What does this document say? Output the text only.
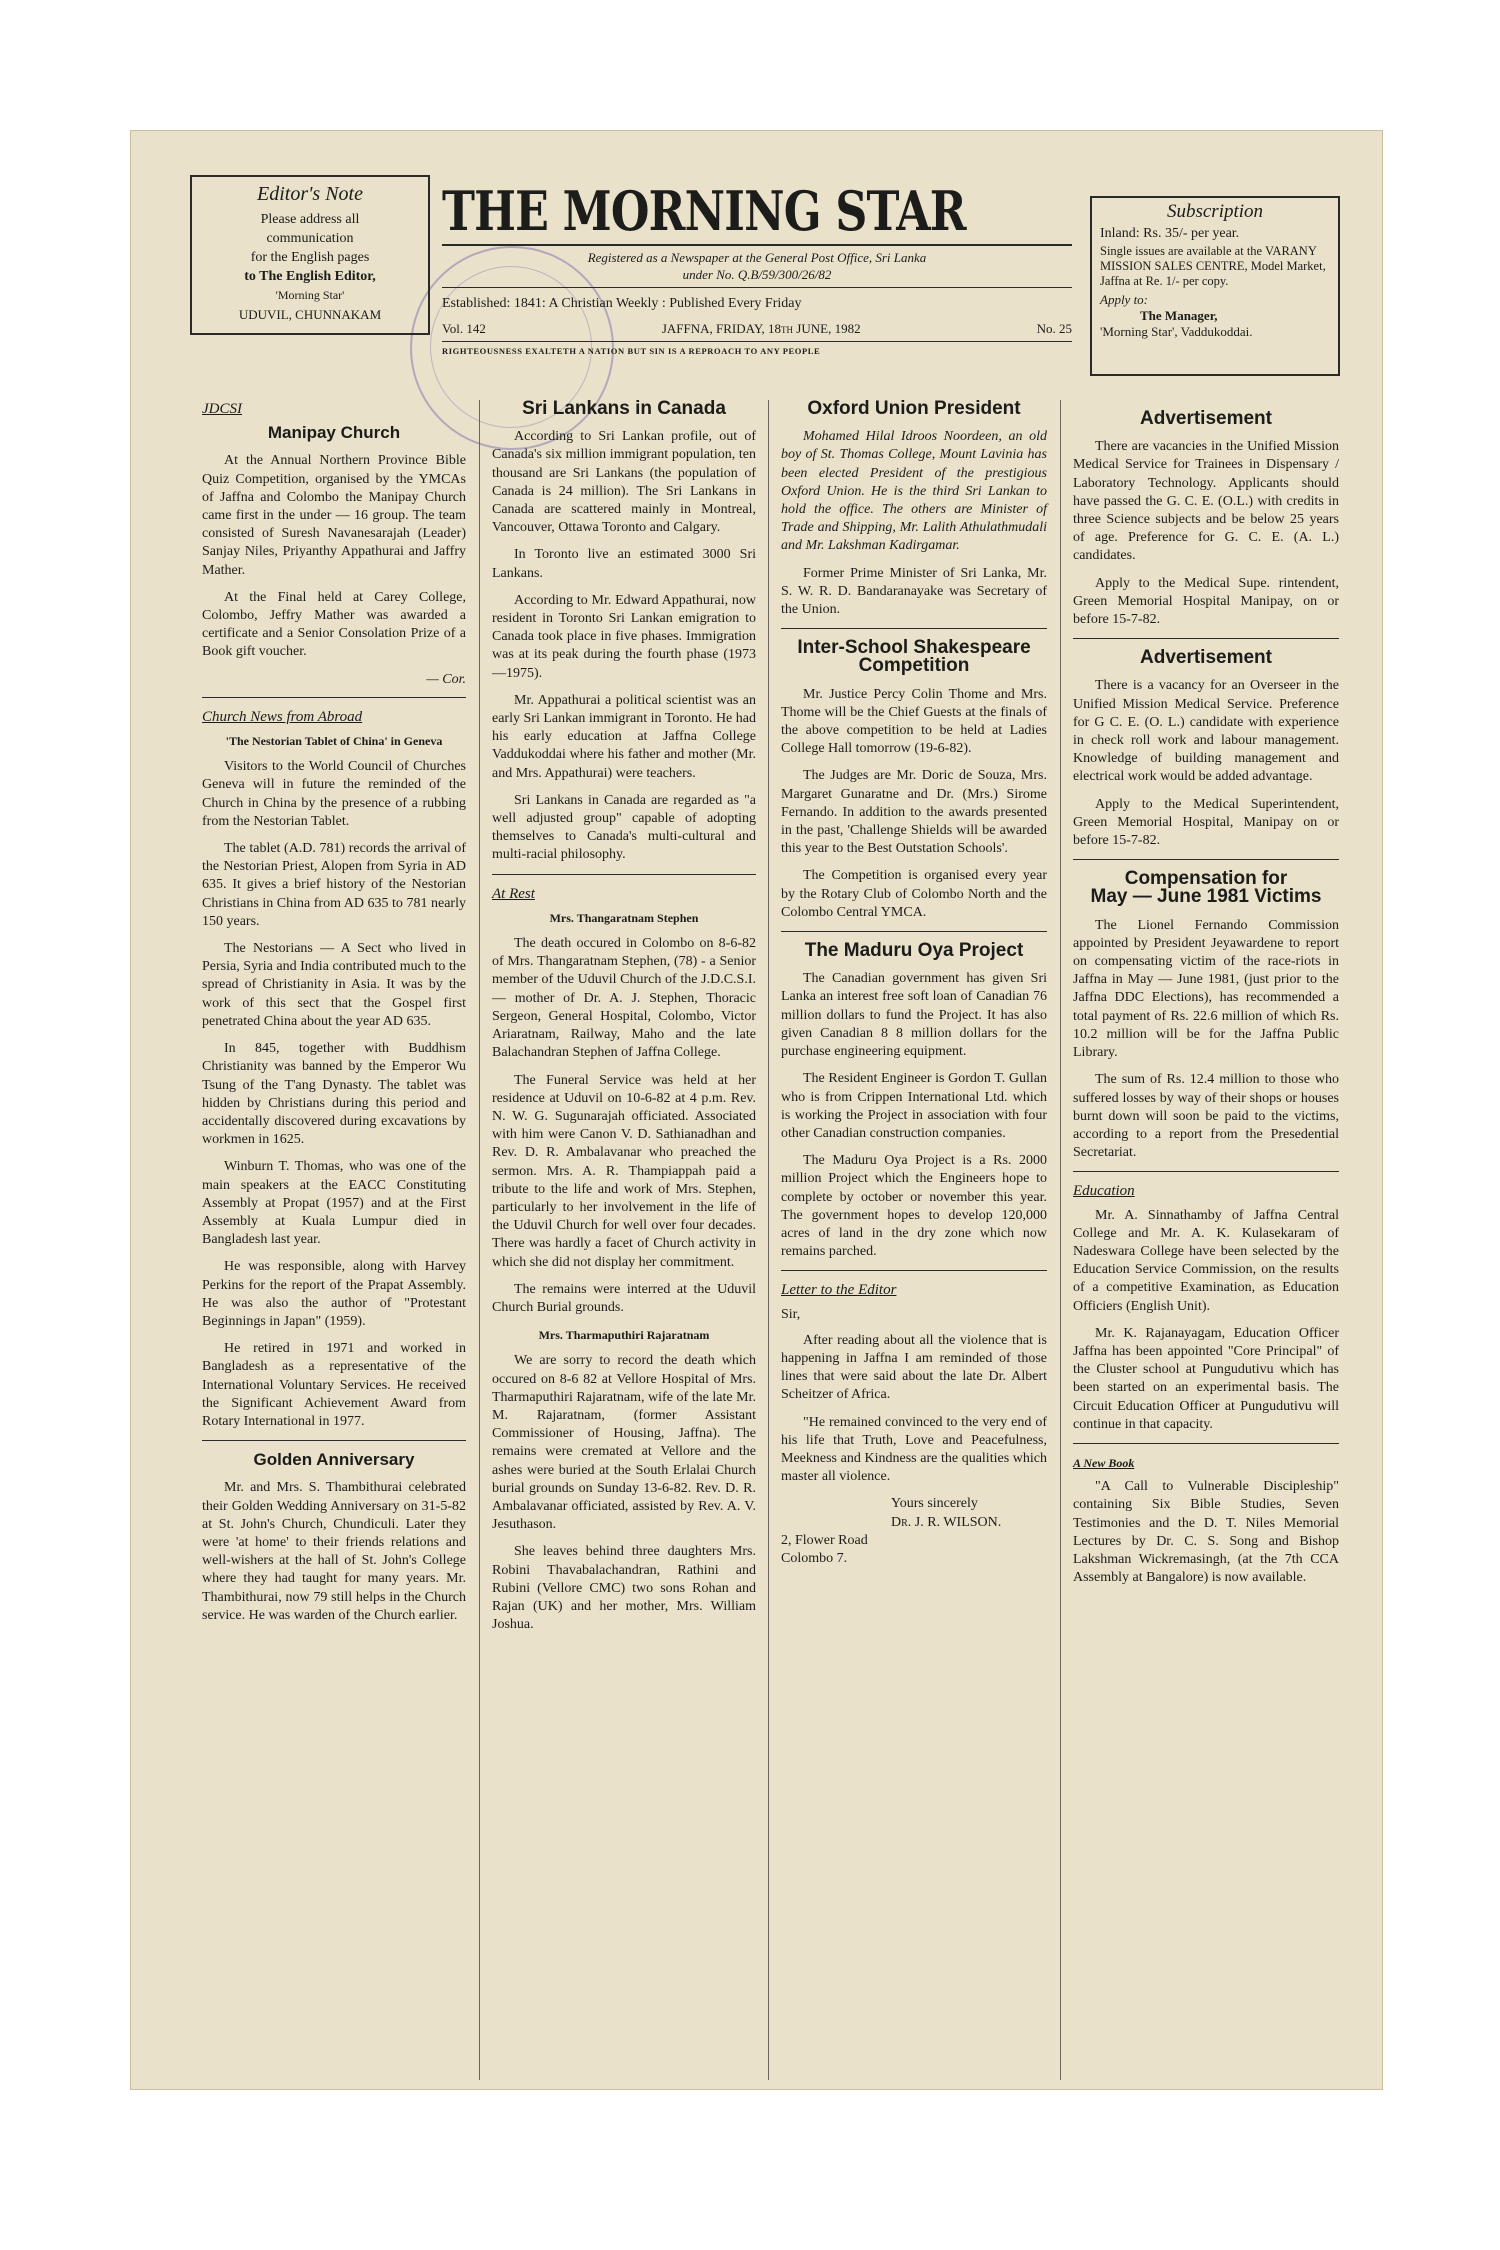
Editor's Note
Please address all
communication
for the English pages
to The English Editor,
'Morning Star'
UDUVIL, CHUNNAKAM
THE MORNING STAR
Registered as a Newspaper at the General Post Office, Sri Lanka
under No. Q.B/59/300/26/82
Established: 1841: A Christian Weekly : Published Every Friday
Vol. 142	JAFFNA, FRIDAY, 18th JUNE, 1982	No. 25
RIGHTEOUSNESS EXALTETH A NATION BUT SIN IS A REPROACH TO ANY PEOPLE
Subscription
Inland: Rs. 35/- per year.
Single issues are available at the VARANY MISSION SALES CENTRE, Model Market, Jaffna at Re. 1/- per copy.
Apply to:
The Manager,
'Morning Star', Vaddukoddai.
JDCSI
Manipay Church

At the Annual Northern Province Bible Quiz Competition, organised by the YMCAs of Jaffna and Colombo the Manipay Church came first in the under — 16 group. The team consisted of Suresh Navanesarajah (Leader) Sanjay Niles, Priyanthy Appathurai and Jaffry Mather.

At the Final held at Carey College, Colombo, Jeffry Mather was awarded a certificate and a Senior Consolation Prize of a Book gift voucher.

— Cor.
Church News from Abroad
'The Nestorian Tablet of China' in Geneva

Visitors to the World Council of Churches Geneva will in future the reminded of the Church in China by the presence of a rubbing from the Nestorian Tablet.

The tablet (A.D. 781) records the arrival of the Nestorian Priest, Alopen from Syria in AD 635. It gives a brief history of the Nestorian Christians in China from AD 635 to 781 nearly 150 years.

The Nestorians — A Sect who lived in Persia, Syria and India contributed much to the spread of Christianity in Asia. It was by the work of this sect that the Gospel first penetrated China about the year AD 635.

In 845, together with Buddhism Christianity was banned by the Emperor Wu Tsung of the T'ang Dynasty. The tablet was hidden by Christians during this period and accidentally discovered during excavations by workmen in 1625.

Winburn T. Thomas, who was one of the main speakers at the EACC Constituting Assembly at Propat (1957) and at the First Assembly at Kuala Lumpur died in Bangladesh last year.

He was responsible, along with Harvey Perkins for the report of the Prapat Assembly. He was also the author of "Protestant Beginnings in Japan" (1959).

He retired in 1971 and worked in Bangladesh as a representative of the International Voluntary Services. He received the Significant Achievement Award from Rotary International in 1977.

Golden Anniversary

Mr. and Mrs. S. Thambithurai celebrated their Golden Wedding Anniversary on 31-5-82 at St. John's Church, Chundiculi. Later they were 'at home' to their friends relations and well-wishers at the hall of St. John's College where they had taught for many years. Mr. Thambithurai, now 79 still helps in the Church service. He was warden of the Church earlier.

Sri Lankans in Canada

According to Sri Lankan profile, out of Canada's six million immigrant population, ten thousand are Sri Lankans (the population of Canada is 24 million). The Sri Lankans in Canada are scattered mainly in Montreal, Vancouver, Ottawa Toronto and Calgary.

In Toronto live an estimated 3000 Sri Lankans.

According to Mr. Edward Appathurai, now resident in Toronto Sri Lankan emigration to Canada took place in five phases. Immigration was at its peak during the fourth phase (1973—1975).

Mr. Appathurai a political scientist was an early Sri Lankan immigrant in Toronto. He had his early education at Jaffna College Vaddukoddai where his father and mother (Mr. and Mrs. Appathurai) were teachers.

Sri Lankans in Canada are regarded as "a well adjusted group" capable of adopting themselves to Canada's multi-cultural and multi-racial philosophy.

At Rest
Mrs. Thangaratnam Stephen

The death occured in Colombo on 8-6-82 of Mrs. Thangaratnam Stephen, (78) - a Senior member of the Uduvil Church of the J.D.C.S.I. — mother of Dr. A. J. Stephen, Thoracic Sergeon, General Hospital, Colombo, Victor Ariaratnam, Railway, Maho and the late Balachandran Stephen of Jaffna College.

The Funeral Service was held at her residence at Uduvil on 10-6-82 at 4 p.m. Rev. N. W. G. Sugunarajah officiated. Associated with him were Canon V. D. Sathianadhan and Rev. D. R. Ambalavanar who preached the sermon. Mrs. A. R. Thampiappah paid a tribute to the life and work of Mrs. Stephen, particularly to her involvement in the life of the Uduvil Church for well over four decades. There was hardly a facet of Church activity in which she did not display her commitment.

The remains were interred at the Uduvil Church Burial grounds.

Mrs. Tharmaputhiri Rajaratnam

We are sorry to record the death which occured on 8-6 82 at Vellore Hospital of Mrs. Tharmaputhiri Rajaratnam, wife of the late Mr. M. Rajaratnam, (former Assistant Commissioner of Housing, Jaffna). The remains were cremated at Vellore and the ashes were buried at the South Erlalai Church burial grounds on Sunday 13-6-82. Rev. D. R. Ambalavanar officiated, assisted by Rev. A. V. Jesuthason.

She leaves behind three daughters Mrs. Robini Thavabalachandran, Rathini and Rubini (Vellore CMC) two sons Rohan and Rajan (UK) and her mother, Mrs. William Joshua.

Oxford Union President

Mohamed Hilal Idroos Noordeen, an old boy of St. Thomas College, Mount Lavinia has been elected President of the prestigious Oxford Union. He is the third Sri Lankan to hold the office. The others are Minister of Trade and Shipping, Mr. Lalith Athulathmudali and Mr. Lakshman Kadirgamar.

Former Prime Minister of Sri Lanka, Mr. S. W. R. D. Bandaranayake was Secretary of the Union.

Inter-School Shakespeare
Competition

Mr. Justice Percy Colin Thome and Mrs. Thome will be the Chief Guests at the finals of the above competition to be held at Ladies College Hall tomorrow (19-6-82).

The Judges are Mr. Doric de Souza, Mrs. Margaret Gunaratne and Dr. (Mrs.) Sirome Fernando. In addition to the awards presented in the past, 'Challenge Shields will be awarded this year to the Best Outstation Schools'.

The Competition is organised every year by the Rotary Club of Colombo North and the Colombo Central YMCA.

The Maduru Oya Project

The Canadian government has given Sri Lanka an interest free soft loan of Canadian 76 million dollars to fund the Project. It has also given Canadian 8 8 million dollars for the purchase engineering equipment.

The Resident Engineer is Gordon T. Gullan who is from Crippen International Ltd. which is working the Project in association with four other Canadian construction companies.

The Maduru Oya Project is a Rs. 2000 million Project which the Engineers hope to complete by october or november this year. The government hopes to develop 120,000 acres of land in the dry zone which now remains parched.

Letter to the Editor
Sir,

After reading about all the violence that is happening in Jaffna I am reminded of those lines that were said about the late Dr. Albert Scheitzer of Africa.

"He remained convinced to the very end of his life that Truth, Love and Peacefulness, Meekness and Kindness are the qualities which master all violence.

Yours sincerely
Dr. J. R. WILSON.
2, Flower Road
Colombo 7.
Advertisement

There are vacancies in the Unified Mission Medical Service for Trainees in Dispensary / Laboratory Technology. Applicants should have passed the G. C. E. (O.L.) with credits in three Science subjects and be below 25 years of age. Preference for G. C. E. (A. L.) candidates.

Apply to the Medical Supe. rintendent, Green Memorial Hospital Manipay, on or before 15-7-82.

Advertisement

There is a vacancy for an Overseer in the Unified Mission Medical Service. Preference for G C. E. (O. L.) candidate with experience in check roll work and labour management. Knowledge of building management and electrical work would be added advantage.

Apply to the Medical Superintendent, Green Memorial Hospital, Manipay on or before 15-7-82.

Compensation for
May — June 1981 Victims

The Lionel Fernando Commission appointed by President Jeyawardene to report on compensating victim of the race-riots in Jaffna in May — June 1981, (just prior to the Jaffna DDC Elections), has recommended a total payment of Rs. 22.6 million of which Rs. 10.2 million will be for the Jaffna Public Library.

The sum of Rs. 12.4 million to those who suffered losses by way of their shops or houses burnt down will soon be paid to the victims, according to a report from the Presedential Secretariat.

Education

Mr. A. Sinnathamby of Jaffna Central College and Mr. A. K. Kulasekaram of Nadeswara College have been selected by the Education Service Commission, on the results of a competitive Examination, as Education Officiers (English Unit).

Mr. K. Rajanayagam, Education Officer Jaffna has been appointed "Core Principal" of the Cluster school at Pungudutivu which has been started on an experimental basis. The Circuit Education Officer at Pungudutivu will continue in that capacity.

A New Book

"A Call to Vulnerable Discipleship" containing Six Bible Studies, Seven Testimonies and the D. T. Niles Memorial Lectures by Dr. C. S. Song and Bishop Lakshman Wickremasingh, (at the 7th CCA Assembly at Bangalore) is now available.
